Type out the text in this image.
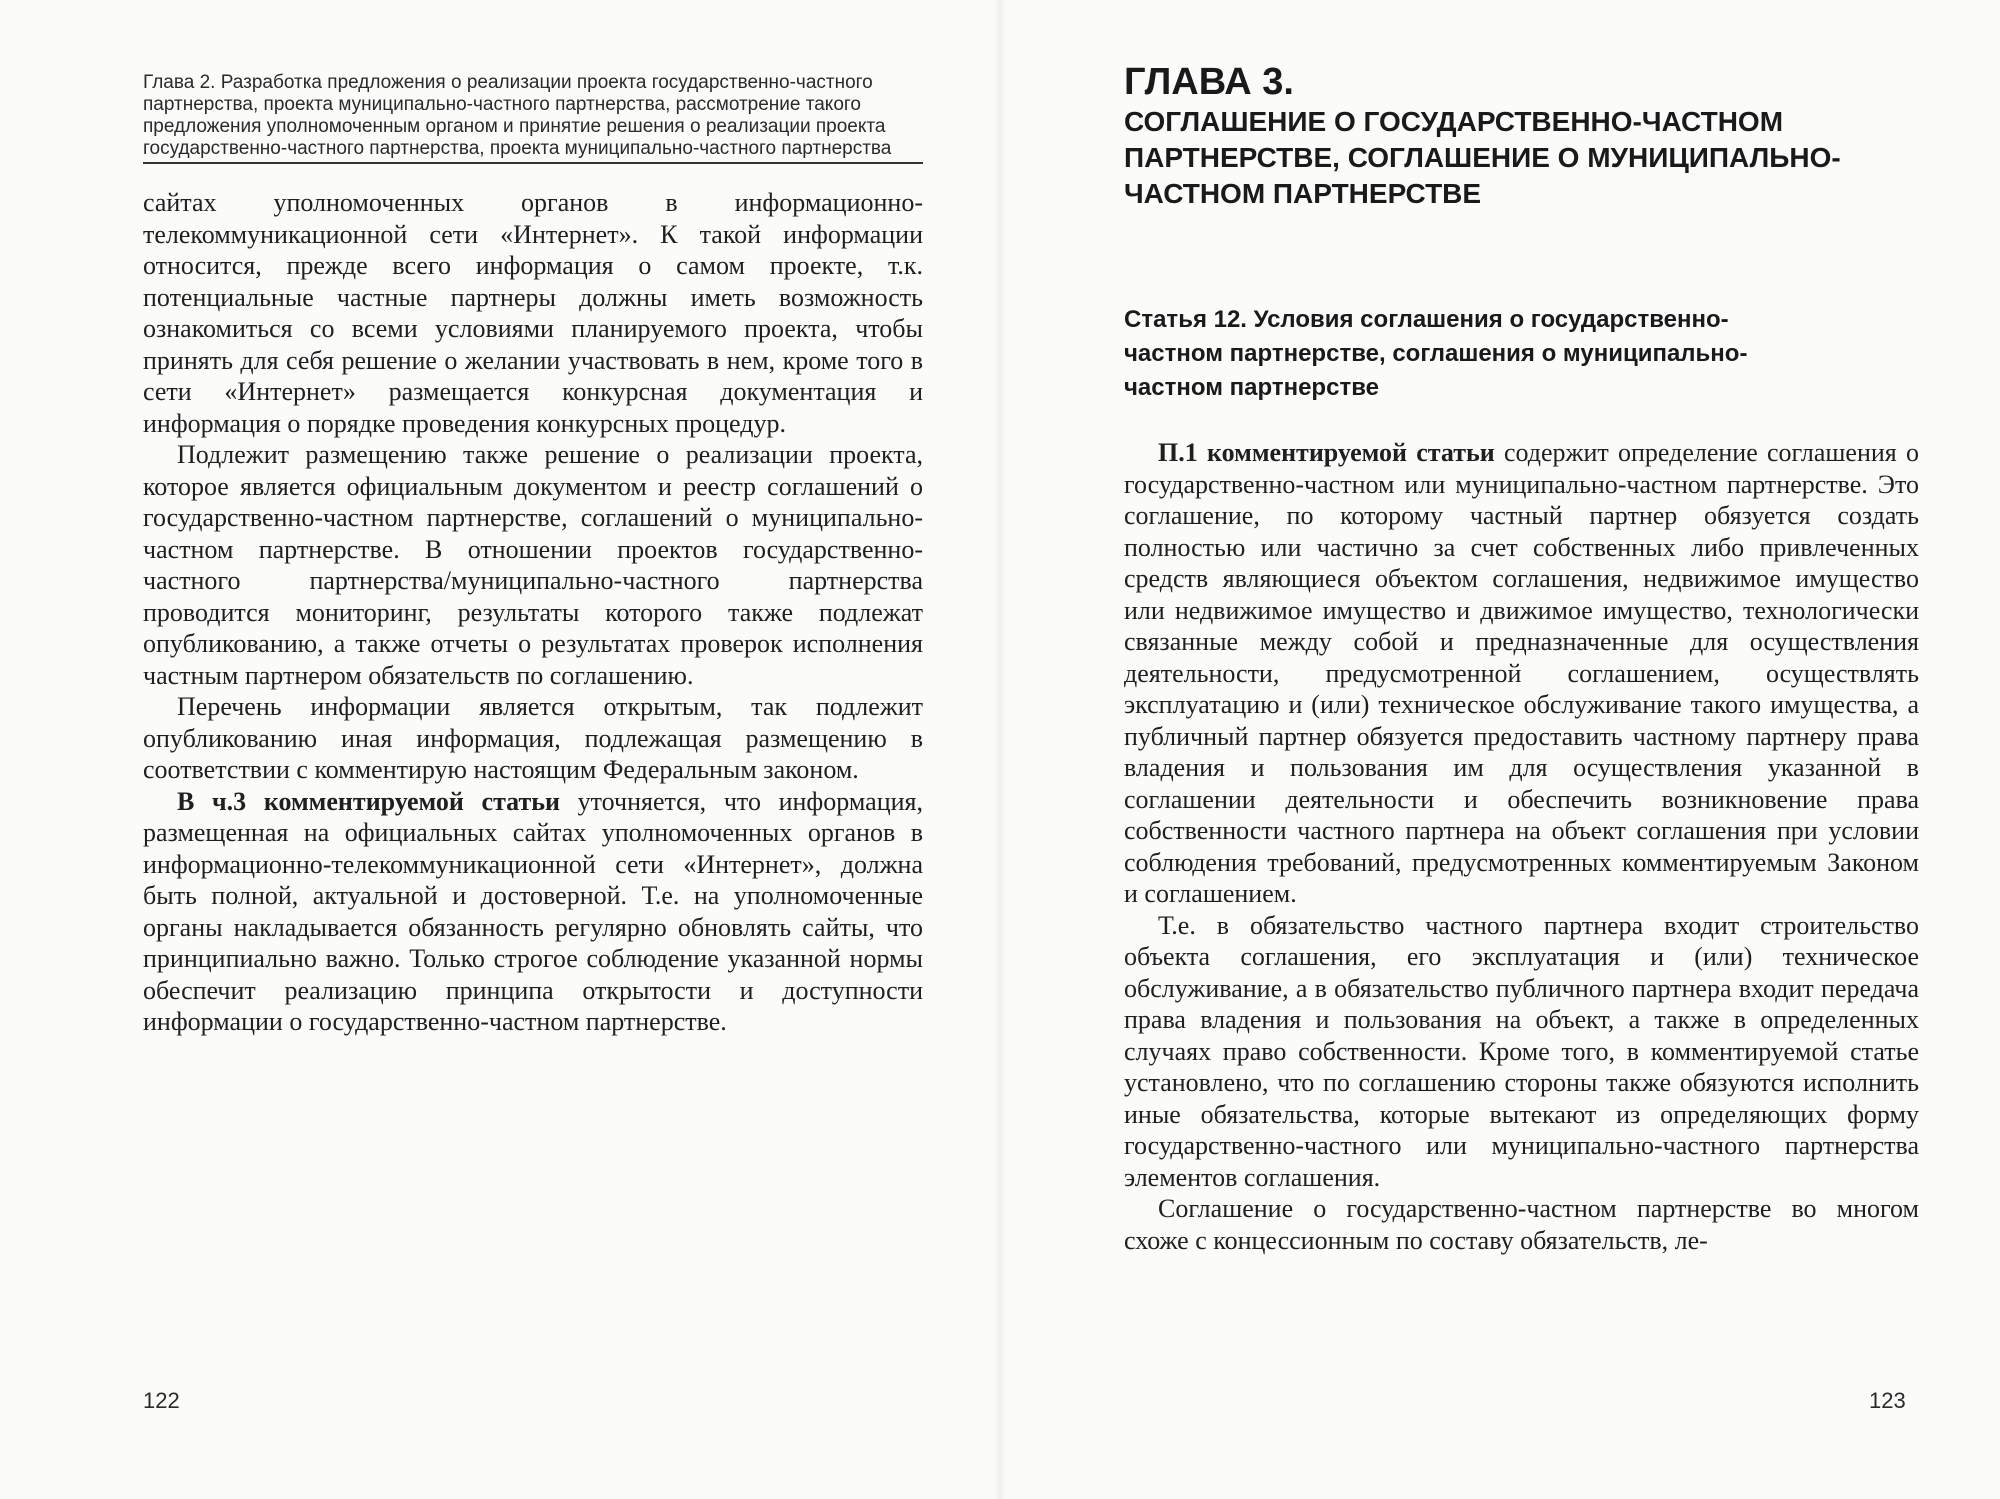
Глава 2. Разработка предложения о реализации проекта государственно-частного
партнерства, проекта муниципально-частного партнерства, рассмотрение такого
предложения уполномоченным органом и принятие решения о реализации проекта
государственно-частного партнерства, проекта муниципально-частного партнерства

сайтах уполномоченных органов в информационно-телекоммуникационной сети «Интернет». К такой информации относится, прежде всего информация о самом проекте, т.к. потенциальные частные партнеры должны иметь возможность ознакомиться со всеми условиями планируемого проекта, чтобы принять для себя решение о желании участвовать в нем, кроме того в сети «Интернет» размещается конкурсная документация и информация о порядке проведения конкурсных процедур.

Подлежит размещению также решение о реализации проекта, которое является официальным документом и реестр соглашений о государственно-частном партнерстве, соглашений о муниципально-частном партнерстве. В отношении проектов государственно-частного партнерства/муниципально-частного партнерства проводится мониторинг, результаты которого также подлежат опубликованию, а также отчеты о результатах проверок исполнения частным партнером обязательств по соглашению.

Перечень информации является открытым, так подлежит опубликованию иная информация, подлежащая размещению в соответствии с комментирую настоящим Федеральным законом.

В ч.3 комментируемой статьи уточняется, что информация, размещенная на официальных сайтах уполномоченных органов в информационно-телекоммуникационной сети «Интернет», должна быть полной, актуальной и достоверной. Т.е. на уполномоченные органы накладывается обязанность регулярно обновлять сайты, что принципиально важно. Только строгое соблюдение указанной нормы обеспечит реализацию принципа открытости и доступности информации о государственно-частном партнерстве.

122
ГЛАВА 3.
СОГЛАШЕНИЕ О ГОСУДАРСТВЕННО-ЧАСТНОМ
ПАРТНЕРСТВЕ, СОГЛАШЕНИЕ О МУНИЦИПАЛЬНО-
ЧАСТНОМ ПАРТНЕРСТВЕ
Статья 12. Условия соглашения о государственно-
частном партнерстве, соглашения о муниципально-
частном партнерстве

П.1 комментируемой статьи содержит определение соглашения о государственно-частном или муниципально-частном партнерстве. Это соглашение, по которому частный партнер обязуется создать полностью или частично за счет собственных либо привлеченных средств являющиеся объектом соглашения, недвижимое имущество или недвижимое имущество и движимое имущество, технологически связанные между собой и предназначенные для осуществления деятельности, предусмотренной соглашением, осуществлять эксплуатацию и (или) техническое обслуживание такого имущества, а публичный партнер обязуется предоставить частному партнеру права владения и пользования им для осуществления указанной в соглашении деятельности и обеспечить возникновение права собственности частного партнера на объект соглашения при условии соблюдения требований, предусмотренных комментируемым Законом и соглашением.

Т.е. в обязательство частного партнера входит строительство объекта соглашения, его эксплуатация и (или) техническое обслуживание, а в обязательство публичного партнера входит передача права владения и пользования на объект, а также в определенных случаях право собственности. Кроме того, в комментируемой статье установлено, что по соглашению стороны также обязуются исполнить иные обязательства, которые вытекают из определяющих форму государственно-частного или муниципально-частного партнерства элементов соглашения.

Соглашение о государственно-частном партнерстве во многом схоже с концессионным по составу обязательств, ле-

123
